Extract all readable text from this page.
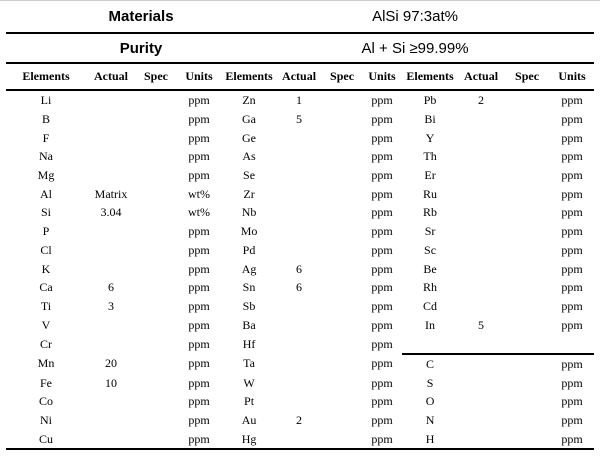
Materials					AlSi 97:3at%						
Purity					Al + Si ≥99.99%						
Elements	Actual	Spec	Units	Elements	Actual	Spec	Units	Elements	Actual	Spec	Units
Li			ppm	Zn	1		ppm	Pb	2		ppm
B			ppm	Ga	5		ppm	Bi			ppm
F			ppm	Ge			ppm	Y			ppm
Na			ppm	As			ppm	Th			ppm
Mg			ppm	Se			ppm	Er			ppm
Al	Matrix		wt%	Zr			ppm	Ru			ppm
Si	3.04		wt%	Nb			ppm	Rb			ppm
P			ppm	Mo			ppm	Sr			ppm
Cl			ppm	Pd			ppm	Sc			ppm
K			ppm	Ag	6		ppm	Be			ppm
Ca	6		ppm	Sn	6		ppm	Rh			ppm
Ti	3		ppm	Sb			ppm	Cd			ppm
V			ppm	Ba			ppm	In	5		ppm
Cr			ppm	Hf			ppm				
Mn	20		ppm	Ta			ppm	C			ppm
Fe	10		ppm	W			ppm	S			ppm
Co			ppm	Pt			ppm	O			ppm
Ni			ppm	Au	2		ppm	N			ppm
Cu			ppm	Hg			ppm	H			ppm
